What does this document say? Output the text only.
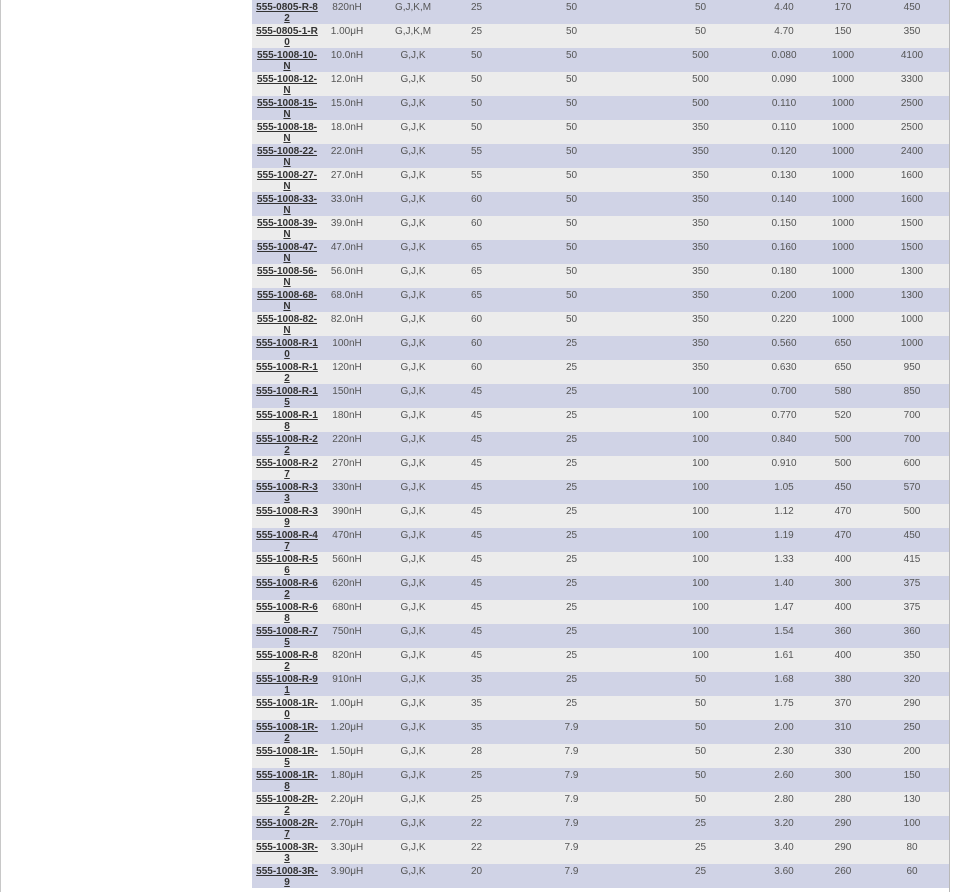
555-0805-R-82	820nH	G,J,K,M	25	50	50	4.40	170	450
555-0805-1-R0	1.00μH	G,J,K,M	25	50	50	4.70	150	350
555-1008-10-N	10.0nH	G,J,K	50	50	500	0.080	1000	4100
555-1008-12-N	12.0nH	G,J,K	50	50	500	0.090	1000	3300
555-1008-15-N	15.0nH	G,J,K	50	50	500	0.110	1000	2500
555-1008-18-N	18.0nH	G,J,K	50	50	350	0.110	1000	2500
555-1008-22-N	22.0nH	G,J,K	55	50	350	0.120	1000	2400
555-1008-27-N	27.0nH	G,J,K	55	50	350	0.130	1000	1600
555-1008-33-N	33.0nH	G,J,K	60	50	350	0.140	1000	1600
555-1008-39-N	39.0nH	G,J,K	60	50	350	0.150	1000	1500
555-1008-47-N	47.0nH	G,J,K	65	50	350	0.160	1000	1500
555-1008-56-N	56.0nH	G,J,K	65	50	350	0.180	1000	1300
555-1008-68-N	68.0nH	G,J,K	65	50	350	0.200	1000	1300
555-1008-82-N	82.0nH	G,J,K	60	50	350	0.220	1000	1000
555-1008-R-10	100nH	G,J,K	60	25	350	0.560	650	1000
555-1008-R-12	120nH	G,J,K	60	25	350	0.630	650	950
555-1008-R-15	150nH	G,J,K	45	25	100	0.700	580	850
555-1008-R-18	180nH	G,J,K	45	25	100	0.770	520	700
555-1008-R-22	220nH	G,J,K	45	25	100	0.840	500	700
555-1008-R-27	270nH	G,J,K	45	25	100	0.910	500	600
555-1008-R-33	330nH	G,J,K	45	25	100	1.05	450	570
555-1008-R-39	390nH	G,J,K	45	25	100	1.12	470	500
555-1008-R-47	470nH	G,J,K	45	25	100	1.19	470	450
555-1008-R-56	560nH	G,J,K	45	25	100	1.33	400	415
555-1008-R-62	620nH	G,J,K	45	25	100	1.40	300	375
555-1008-R-68	680nH	G,J,K	45	25	100	1.47	400	375
555-1008-R-75	750nH	G,J,K	45	25	100	1.54	360	360
555-1008-R-82	820nH	G,J,K	45	25	100	1.61	400	350
555-1008-R-91	910nH	G,J,K	35	25	50	1.68	380	320
555-1008-1R-0	1.00μH	G,J,K	35	25	50	1.75	370	290
555-1008-1R-2	1.20μH	G,J,K	35	7.9	50	2.00	310	250
555-1008-1R-5	1.50μH	G,J,K	28	7.9	50	2.30	330	200
555-1008-1R-8	1.80μH	G,J,K	25	7.9	50	2.60	300	150
555-1008-2R-2	2.20μH	G,J,K	25	7.9	50	2.80	280	130
555-1008-2R-7	2.70μH	G,J,K	22	7.9	25	3.20	290	100
555-1008-3R-3	3.30μH	G,J,K	22	7.9	25	3.40	290	80
555-1008-3R-9	3.90μH	G,J,K	20	7.9	25	3.60	260	60
